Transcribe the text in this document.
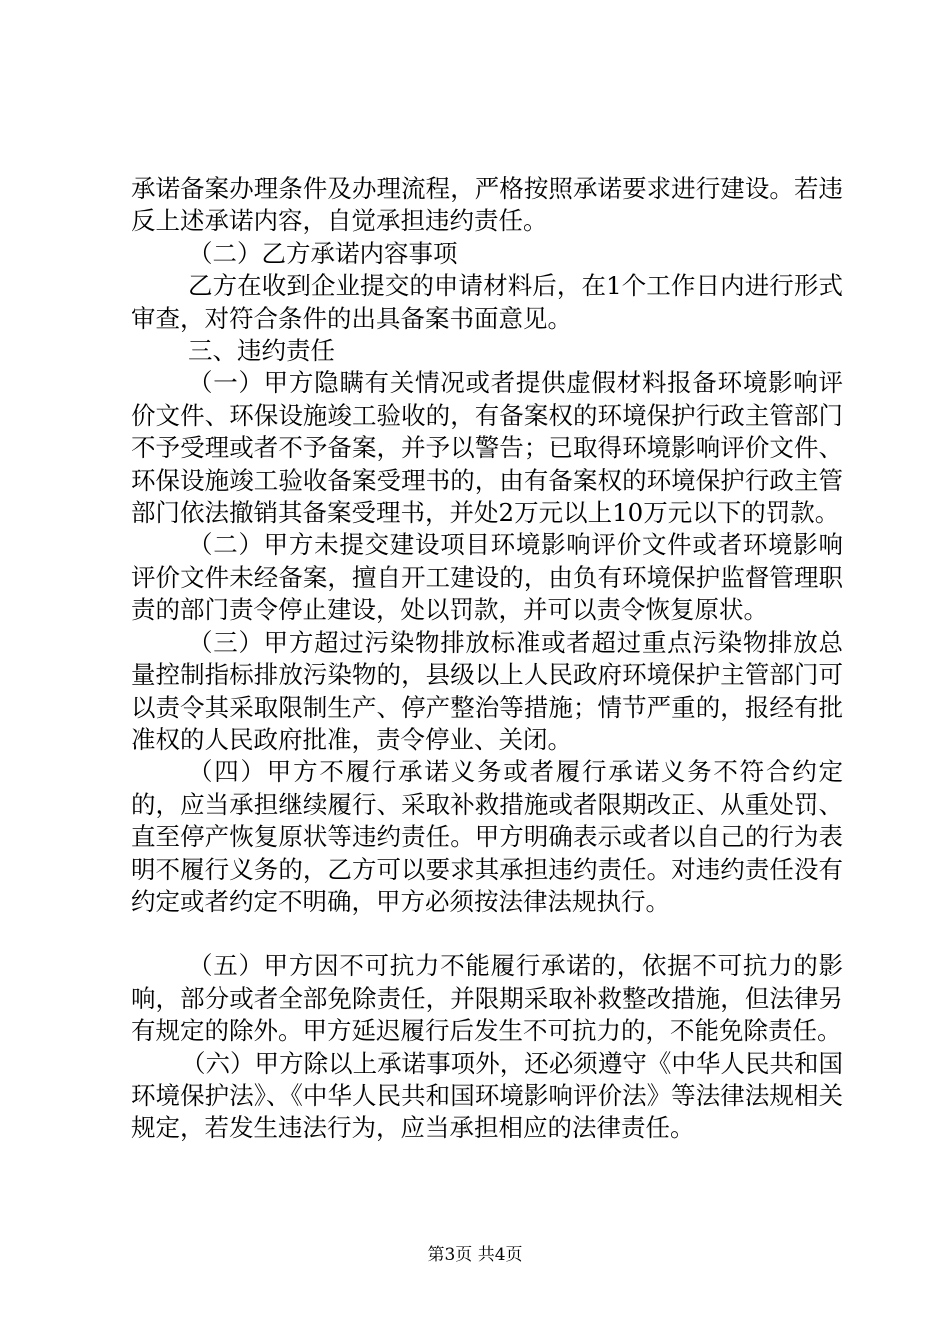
承诺备案办理条件及办理流程，严格按照承诺要求进行建设。若违反上述承诺内容，自觉承担违约责任。

（二）乙方承诺内容事项

乙方在收到企业提交的申请材料后，在1个工作日内进行形式审查，对符合条件的出具备案书面意见。

三、违约责任

（一）甲方隐瞒有关情况或者提供虚假材料报备环境影响评价文件、环保设施竣工验收的，有备案权的环境保护行政主管部门不予受理或者不予备案，并予以警告；已取得环境影响评价文件、环保设施竣工验收备案受理书的，由有备案权的环境保护行政主管部门依法撤销其备案受理书，并处2万元以上10万元以下的罚款。

（二）甲方未提交建设项目环境影响评价文件或者环境影响评价文件未经备案，擅自开工建设的，由负有环境保护监督管理职责的部门责令停止建设，处以罚款，并可以责令恢复原状。

（三）甲方超过污染物排放标准或者超过重点污染物排放总量控制指标排放污染物的，县级以上人民政府环境保护主管部门可以责令其采取限制生产、停产整治等措施；情节严重的，报经有批准权的人民政府批准，责令停业、关闭。

（四）甲方不履行承诺义务或者履行承诺义务不符合约定的，应当承担继续履行、采取补救措施或者限期改正、从重处罚、直至停产恢复原状等违约责任。甲方明确表示或者以自己的行为表明不履行义务的，乙方可以要求其承担违约责任。对违约责任没有约定或者约定不明确，甲方必须按法律法规执行。

（五）甲方因不可抗力不能履行承诺的，依据不可抗力的影响，部分或者全部免除责任，并限期采取补救整改措施，但法律另有规定的除外。甲方延迟履行后发生不可抗力的，不能免除责任。

（六）甲方除以上承诺事项外，还必须遵守《中华人民共和国环境保护法》、《中华人民共和国环境影响评价法》等法律法规相关规定，若发生违法行为，应当承担相应的法律责任。

第3页 共4页
